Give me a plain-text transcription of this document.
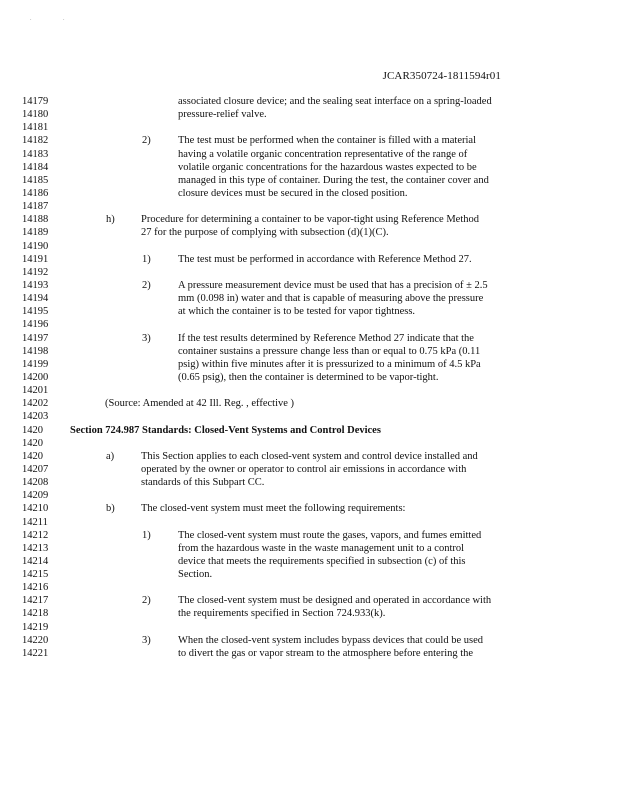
.	.
JCAR350724-1811594r01
14179	associated closure device; and the sealing seat interface on a spring-loaded
14180	pressure-relief valve.
14181
14182	2)	The test must be performed when the container is filled with a material
14183	having a volatile organic concentration representative of the range of
14184	volatile organic concentrations for the hazardous wastes expected to be
14185	managed in this type of container. During the test, the container cover and
14186	closure devices must be secured in the closed position.
14187
14188	h)	Procedure for determining a container to be vapor-tight using Reference Method
14189	27 for the purpose of complying with subsection (d)(1)(C).
14190
14191	1)	The test must be performed in accordance with Reference Method 27.
14192
14193	2)	A pressure measurement device must be used that has a precision of ± 2.5
14194	mm (0.098 in) water and that is capable of measuring above the pressure
14195	at which the container is to be tested for vapor tightness.
14196
14197	3)	If the test results determined by Reference Method 27 indicate that the
14198	container sustains a pressure change less than or equal to 0.75 kPa (0.11
14199	psig) within five minutes after it is pressurized to a minimum of 4.5 kPa
14200	(0.65 psig), then the container is determined to be vapor-tight.
14201
14202	(Source: Amended at 42 Ill. Reg. , effective )
14203
1420	Section 724.987 Standards: Closed-Vent Systems and Control Devices
1420
1420	a)	This Section applies to each closed-vent system and control device installed and
14207	operated by the owner or operator to control air emissions in accordance with
14208	standards of this Subpart CC.
14209
14210	b)	The closed-vent system must meet the following requirements:
14211
14212	1)	The closed-vent system must route the gases, vapors, and fumes emitted
14213	from the hazardous waste in the waste management unit to a control
14214	device that meets the requirements specified in subsection (c) of this
14215	Section.
14216
14217	2)	The closed-vent system must be designed and operated in accordance with
14218	the requirements specified in Section 724.933(k).
14219
14220	3)	When the closed-vent system includes bypass devices that could be used
14221	to divert the gas or vapor stream to the atmosphere before entering the
